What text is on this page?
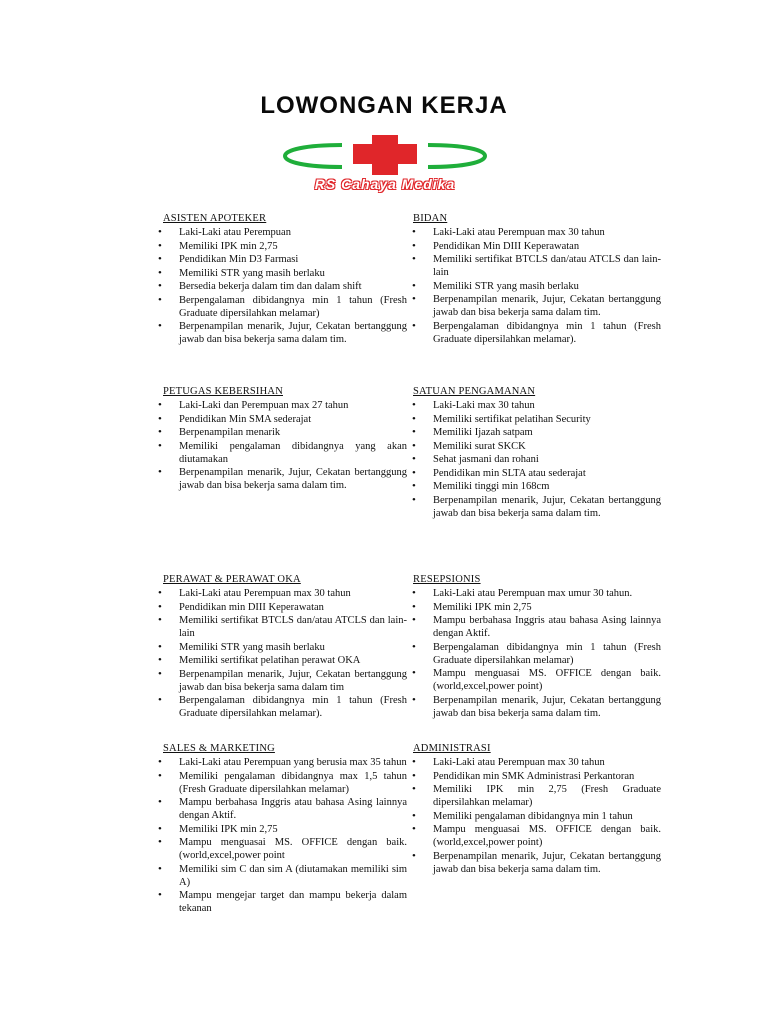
LOWONGAN KERJA
RS Cahaya Medika
ASISTEN APOTEKER
• Laki-Laki atau Perempuan
• Memiliki IPK min 2,75
• Pendidikan Min D3 Farmasi
• Memiliki STR yang masih berlaku
• Bersedia bekerja dalam tim dan dalam shift
• Berpengalaman dibidangnya min 1 tahun (Fresh Graduate dipersilahkan melamar)
• Berpenampilan menarik, Jujur, Cekatan bertanggung jawab dan bisa bekerja sama dalam tim.
BIDAN
• Laki-Laki atau Perempuan max 30 tahun
• Pendidikan Min DIII Keperawatan
• Memiliki sertifikat BTCLS dan/atau ATCLS dan lain-lain
• Memiliki STR yang masih berlaku
• Berpenampilan menarik, Jujur, Cekatan bertanggung jawab dan bisa bekerja sama dalam tim.
• Berpengalaman dibidangnya min 1 tahun (Fresh Graduate dipersilahkan melamar).
PETUGAS KEBERSIHAN
• Laki-Laki dan Perempuan max 27 tahun
• Pendidikan Min SMA sederajat
• Berpenampilan menarik
• Memiliki pengalaman dibidangnya yang akan diutamakan
• Berpenampilan menarik, Jujur, Cekatan bertanggung jawab dan bisa bekerja sama dalam tim.
SATUAN PENGAMANAN
• Laki-Laki max 30 tahun
• Memiliki sertifikat pelatihan Security
• Memiliki Ijazah satpam
• Memiliki surat SKCK
• Sehat jasmani dan rohani
• Pendidikan min SLTA atau sederajat
• Memiliki tinggi min 168cm
• Berpenampilan menarik, Jujur, Cekatan bertanggung jawab dan bisa bekerja sama dalam tim.
PERAWAT & PERAWAT OKA
• Laki-Laki atau Perempuan max 30 tahun
• Pendidikan min DIII Keperawatan
• Memiliki sertifikat BTCLS dan/atau ATCLS dan lain-lain
• Memiliki STR yang masih berlaku
• Memiliki sertifikat pelatihan perawat OKA
• Berpenampilan menarik, Jujur, Cekatan bertanggung jawab dan bisa bekerja sama dalam tim
• Berpengalaman dibidangnya min 1 tahun (Fresh Graduate dipersilahkan melamar).
RESEPSIONIS
• Laki-Laki atau Perempuan max umur 30 tahun.
• Memiliki IPK min 2,75
• Mampu berbahasa Inggris atau bahasa Asing lainnya dengan Aktif.
• Berpengalaman dibidangnya min 1 tahun (Fresh Graduate dipersilahkan melamar)
• Mampu menguasai MS. OFFICE dengan baik. (world,excel,power point)
• Berpenampilan menarik, Jujur, Cekatan bertanggung jawab dan bisa bekerja sama dalam tim.
SALES & MARKETING
• Laki-Laki atau Perempuan yang berusia max 35 tahun
• Memiliki pengalaman dibidangnya max 1,5 tahun (Fresh Graduate dipersilahkan melamar)
• Mampu berbahasa Inggris atau bahasa Asing lainnya dengan Aktif.
• Memiliki IPK min 2,75
• Mampu menguasai MS. OFFICE dengan baik. (world,excel,power point
• Memiliki sim C dan sim A (diutamakan memiliki sim A)
• Mampu mengejar target dan mampu bekerja dalam tekanan
ADMINISTRASI
• Laki-Laki atau Perempuan max 30 tahun
• Pendidikan min SMK Administrasi Perkantoran
• Memiliki IPK min 2,75 (Fresh Graduate dipersilahkan melamar)
• Memiliki pengalaman dibidangnya min 1 tahun
• Mampu menguasai MS. OFFICE dengan baik. (world,excel,power point)
• Berpenampilan menarik, Jujur, Cekatan bertanggung jawab dan bisa bekerja sama dalam tim.
